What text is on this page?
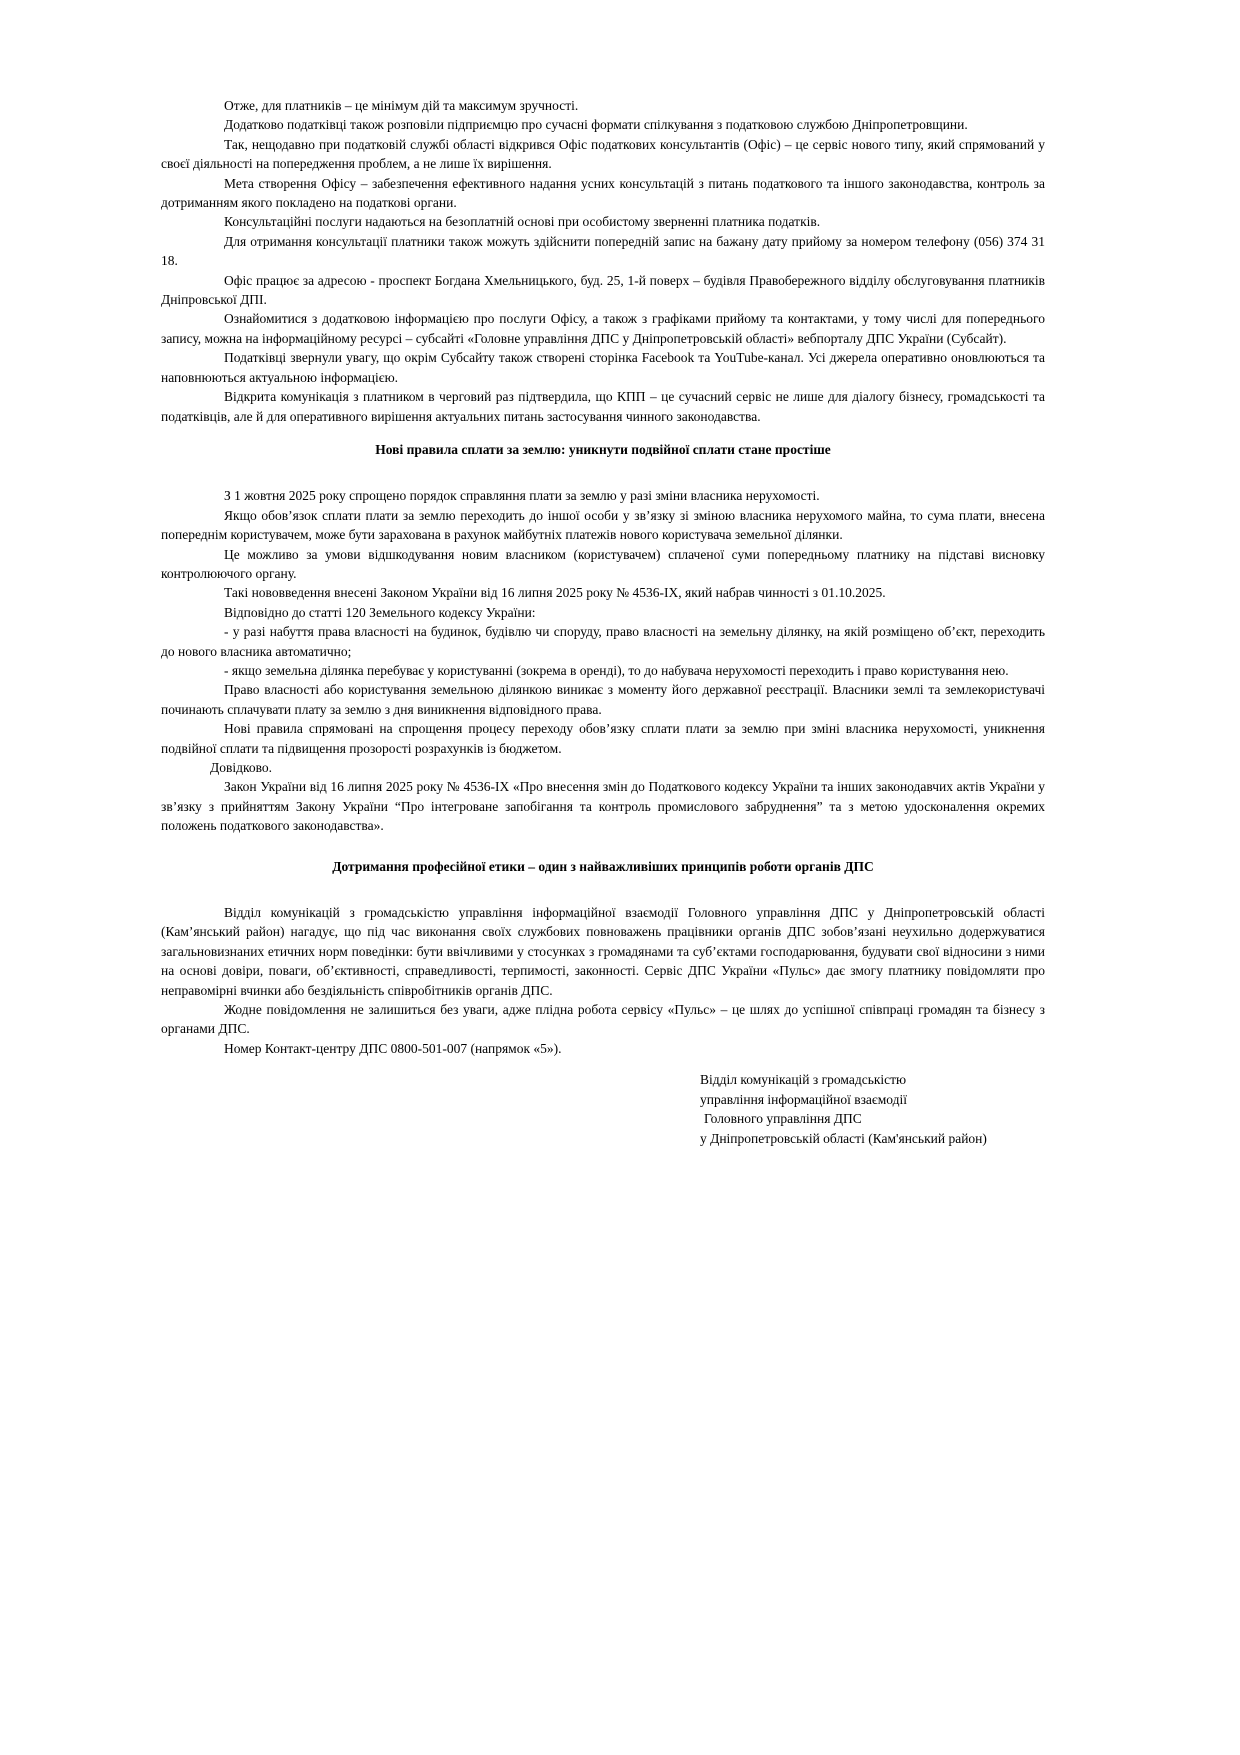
Отже, для платників – це мінімум дій та максимум зручності.

Додатково податківці також розповіли підприємцю про сучасні формати спілкування з податковою службою Дніпропетровщини.

Так, нещодавно при податковій службі області відкрився Офіс податкових консультантів (Офіс) – це сервіс нового типу, який спрямований у своєї діяльності на попередження проблем, а не лише їх вирішення.

Мета створення Офісу – забезпечення ефективного надання усних консультацій з питань податкового та іншого законодавства, контроль за дотриманням якого покладено на податкові органи.

Консультаційні послуги надаються на безоплатній основі при особистому зверненні платника податків.

Для отримання консультації платники також можуть здійснити попередній запис на бажану дату прийому за номером телефону (056) 374 31 18.

Офіс працює за адресою - проспект Богдана Хмельницького, буд. 25, 1-й поверх – будівля Правобережного відділу обслуговування платників Дніпровської ДПІ.

Ознайомитися з додатковою інформацією про послуги Офісу, а також з графіками прийому та контактами, у тому числі для попереднього запису, можна на інформаційному ресурсі – субсайті «Головне управління ДПС у Дніпропетровській області» вебпорталу ДПС України (Субсайт).

Податківці звернули увагу, що окрім Субсайту також створені сторінка Facebook та YouTube-канал. Усі джерела оперативно оновлюються та наповнюються актуальною інформацією.

Відкрита комунікація з платником в черговий раз підтвердила, що КПП – це сучасний сервіс не лише для діалогу бізнесу, громадськості та податківців, але й для оперативного вирішення актуальних питань застосування чинного законодавства.

Нові правила сплати за землю: уникнути подвійної сплати стане простіше

З 1 жовтня 2025 року спрощено порядок справляння плати за землю у разі зміни власника нерухомості.

Якщо обов’язок сплати плати за землю переходить до іншої особи у зв’язку зі зміною власника нерухомого майна, то сума плати, внесена попереднім користувачем, може бути зарахована в рахунок майбутніх платежів нового користувача земельної ділянки.

Це можливо за умови відшкодування новим власником (користувачем) сплаченої суми попередньому платнику на підставі висновку контролюючого органу.

Такі нововведення внесені Законом України від 16 липня 2025 року № 4536-IX, який набрав чинності з 01.10.2025.

Відповідно до статті 120 Земельного кодексу України:

- у разі набуття права власності на будинок, будівлю чи споруду, право власності на земельну ділянку, на якій розміщено об’єкт, переходить до нового власника автоматично;

- якщо земельна ділянка перебуває у користуванні (зокрема в оренді), то до набувача нерухомості переходить і право користування нею.

Право власності або користування земельною ділянкою виникає з моменту його державної реєстрації. Власники землі та землекористувачі починають сплачувати плату за землю з дня виникнення відповідного права.

Нові правила спрямовані на спрощення процесу переходу обов’язку сплати плати за землю при зміні власника нерухомості, уникнення подвійної сплати та підвищення прозорості розрахунків із бюджетом.

Довідково.

Закон України від 16 липня 2025 року № 4536-IX «Про внесення змін до Податкового кодексу України та інших законодавчих актів України у зв’язку з прийняттям Закону України “Про інтегроване запобігання та контроль промислового забруднення” та з метою удосконалення окремих положень податкового законодавства».

Дотримання професійної етики – один з найважливіших принципів роботи органів ДПС

Відділ комунікацій з громадськістю управління інформаційної взаємодії Головного управління ДПС у Дніпропетровській області (Кам’янський район) нагадує, що під час виконання своїх службових повноважень працівники органів ДПС зобов’язані неухильно додержуватися загальновизнаних етичних норм поведінки: бути ввічливими у стосунках з громадянами та суб’єктами господарювання, будувати свої відносини з ними на основі довіри, поваги, об’єктивності, справедливості, терпимості, законності. Сервіс ДПС України «Пульс» дає змогу платнику повідомляти про неправомірні вчинки або бездіяльність співробітників органів ДПС.

Жодне повідомлення не залишиться без уваги, адже плідна робота сервісу «Пульс» – це шлях до успішної співпраці громадян та бізнесу з органами ДПС.

Номер Контакт-центру ДПС 0800-501-007 (напрямок «5»).

Відділ комунікацій з громадськістю
управління інформаційної взаємодії
Головного управління ДПС
у Дніпропетровській області (Кам'янський район)
